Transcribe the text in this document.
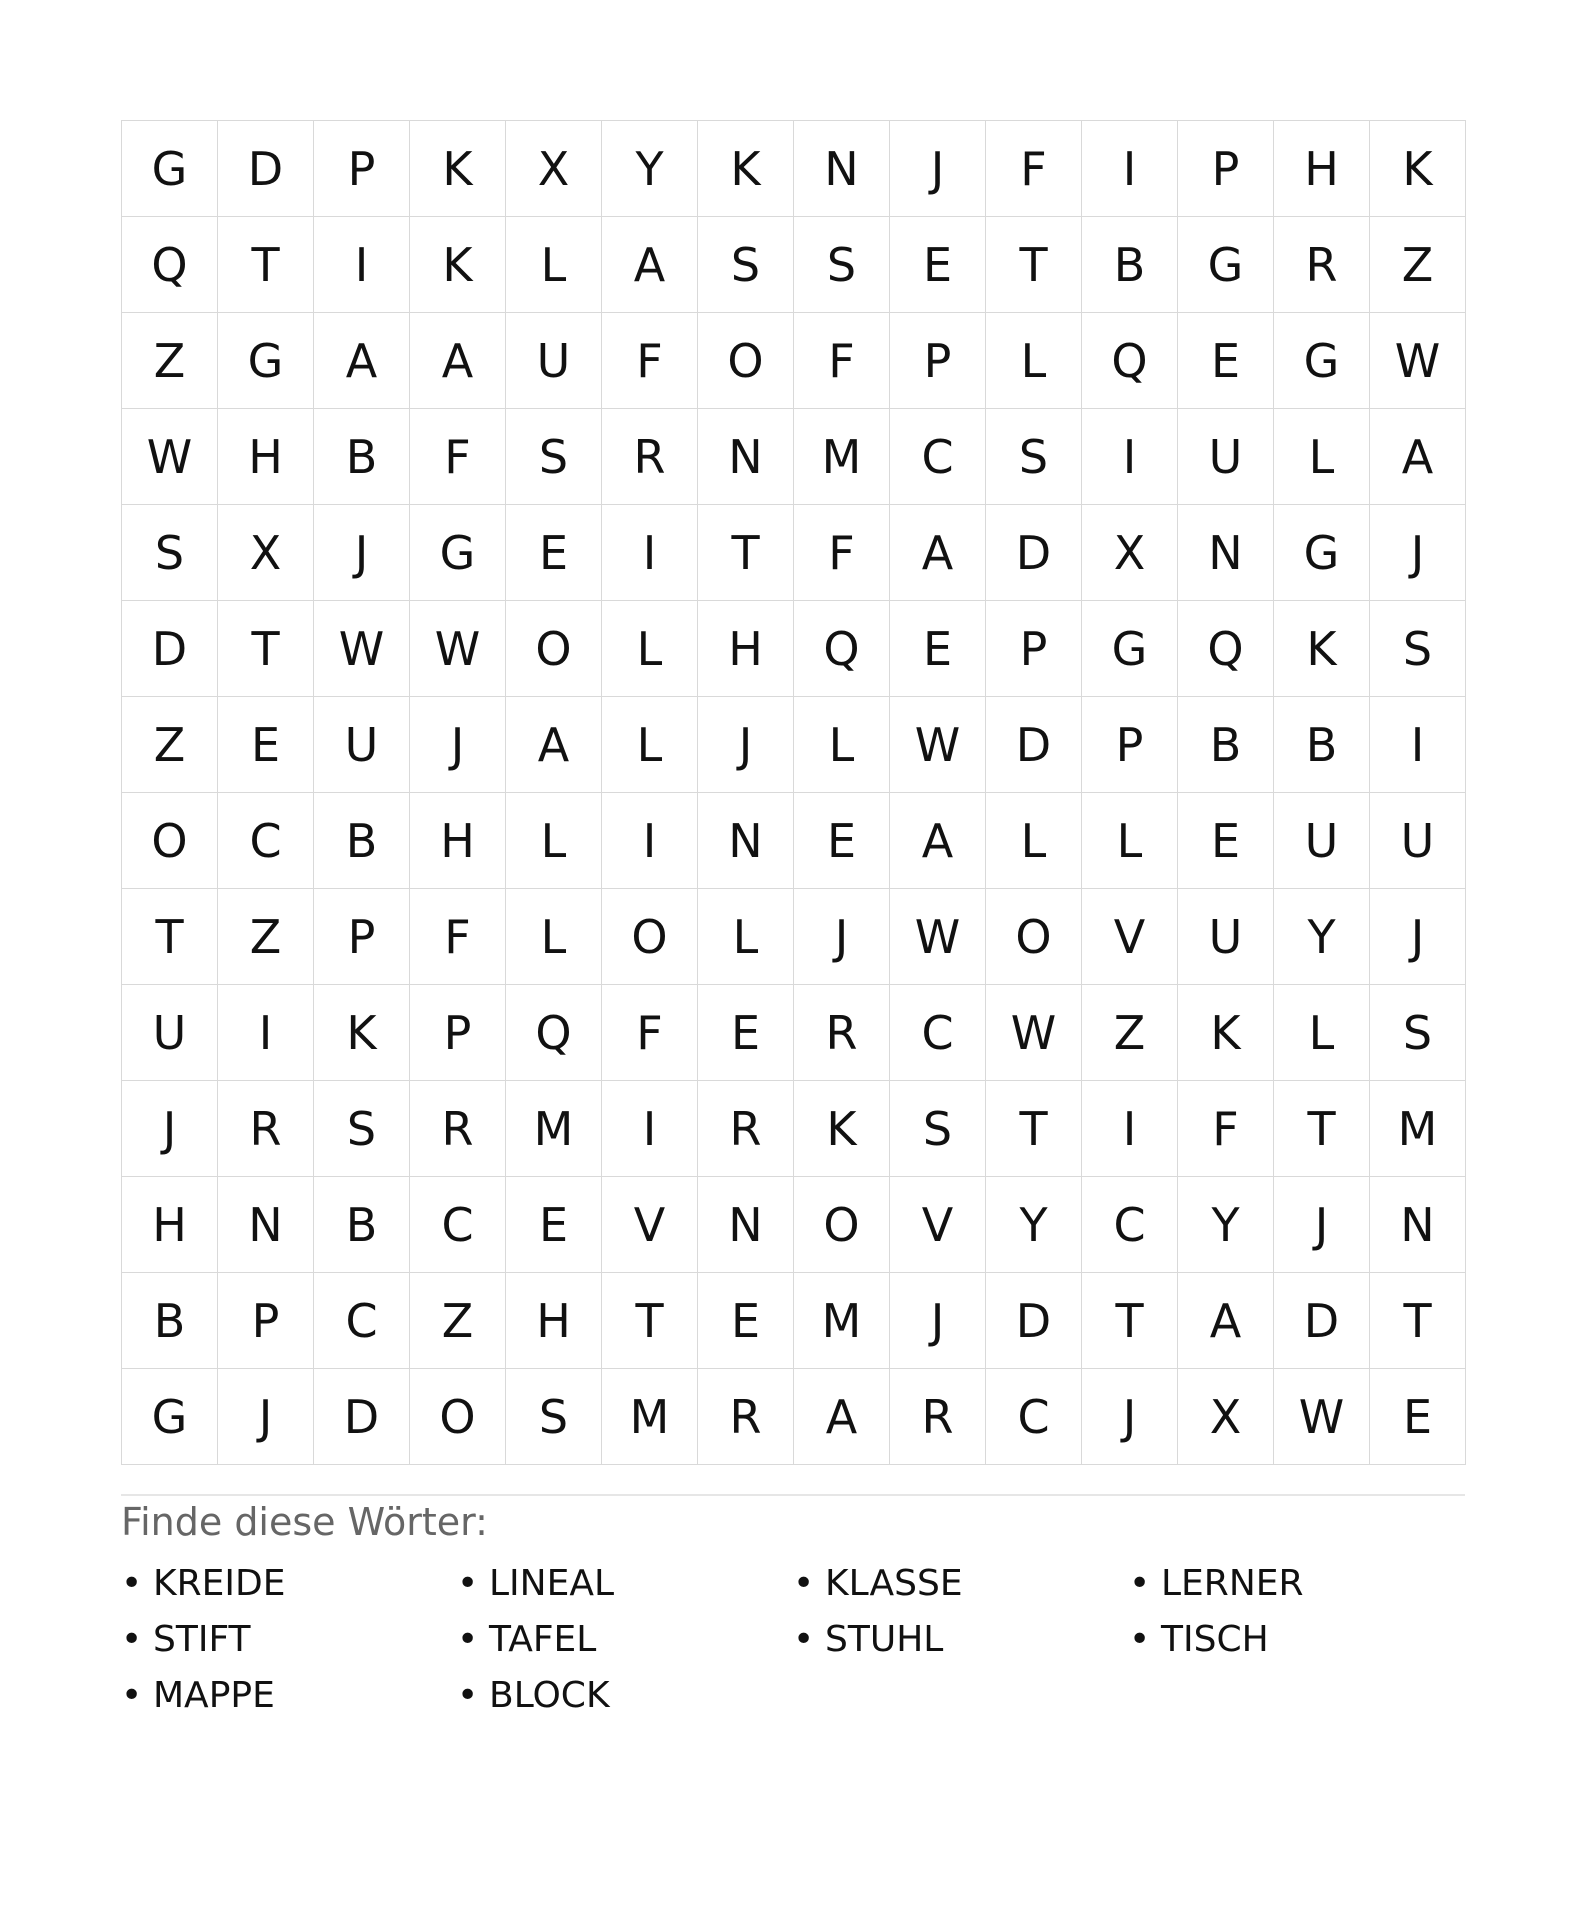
G	D	P	K	X	Y	K	N	J	F	I	P	H	K
Q	T	I	K	L	A	S	S	E	T	B	G	R	Z
Z	G	A	A	U	F	O	F	P	L	Q	E	G	W
W	H	B	F	S	R	N	M	C	S	I	U	L	A
S	X	J	G	E	I	T	F	A	D	X	N	G	J
D	T	W	W	O	L	H	Q	E	P	G	Q	K	S
Z	E	U	J	A	L	J	L	W	D	P	B	B	I
O	C	B	H	L	I	N	E	A	L	L	E	U	U
T	Z	P	F	L	O	L	J	W	O	V	U	Y	J
U	I	K	P	Q	F	E	R	C	W	Z	K	L	S
J	R	S	R	M	I	R	K	S	T	I	F	T	M
H	N	B	C	E	V	N	O	V	Y	C	Y	J	N
B	P	C	Z	H	T	E	M	J	D	T	A	D	T
G	J	D	O	S	M	R	A	R	C	J	X	W	E
Finde diese Wörter:
• KREIDE	• LINEAL	• KLASSE	• LERNER
• STIFT	• TAFEL	• STUHL	• TISCH
• MAPPE	• BLOCK
